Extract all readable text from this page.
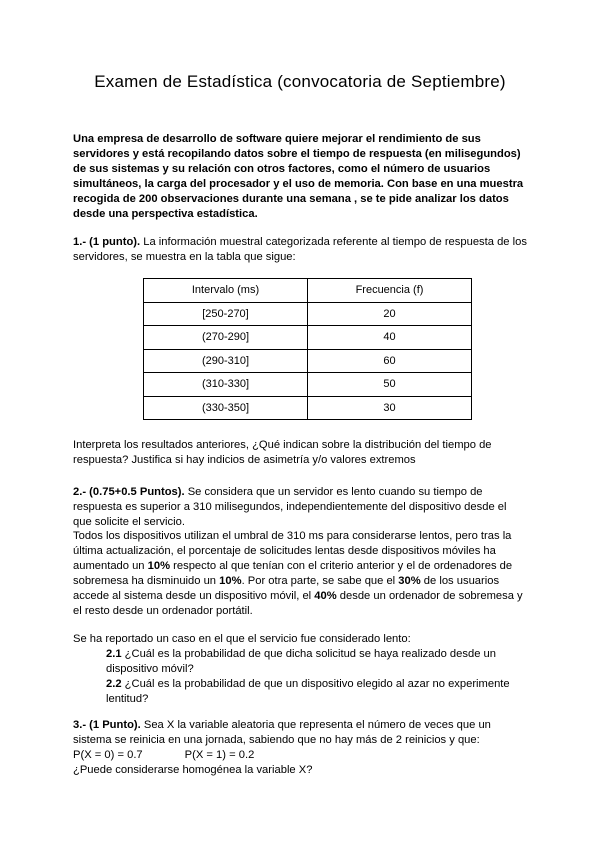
Examen de Estadística (convocatoria de Septiembre)
Una empresa de desarrollo de software quiere mejorar el rendimiento de sus servidores y está recopilando datos sobre el tiempo de respuesta (en milisegundos) de sus sistemas y su relación con otros factores, como el número de usuarios simultáneos, la carga del procesador y el uso de memoria. Con base en una muestra recogida de 200 observaciones durante una semana , se te pide analizar los datos desde una perspectiva estadística.
1.- (1 punto). La información muestral categorizada referente al tiempo de respuesta de los servidores, se muestra en la tabla que sigue:
Intervalo (ms)	Frecuencia (f)
[250-270]	20
(270-290]	40
(290-310]	60
(310-330]	50
(330-350]	30
Interpreta los resultados anteriores, ¿Qué indican sobre la distribución del tiempo de respuesta? Justifica si hay indicios de asimetría y/o valores extremos
2.- (0.75+0.5 Puntos). Se considera que un servidor es lento cuando su tiempo de respuesta es superior a 310 milisegundos, independientemente del dispositivo desde el que solicite el servicio.
Todos los dispositivos utilizan el umbral de 310 ms para considerarse lentos, pero tras la última actualización, el porcentaje de solicitudes lentas desde dispositivos móviles ha aumentado un 10% respecto al que tenían con el criterio anterior y el de ordenadores de sobremesa ha disminuido un 10%. Por otra parte, se sabe que el 30% de los usuarios accede al sistema desde un dispositivo móvil, el 40% desde un ordenador de sobremesa y el resto desde un ordenador portátil.
Se ha reportado un caso en el que el servicio fue considerado lento:
2.1 ¿Cuál es la probabilidad de que dicha solicitud se haya realizado desde un dispositivo móvil?
2.2 ¿Cuál es la probabilidad de que un dispositivo elegido al azar no experimente lentitud?
3.- (1 Punto). Sea X la variable aleatoria que representa el número de veces que un sistema se reinicia en una jornada, sabiendo que no hay más de 2 reinicios y que:
P(X = 0) = 0.7	P(X = 1) = 0.2
¿Puede considerarse homogénea la variable X?
